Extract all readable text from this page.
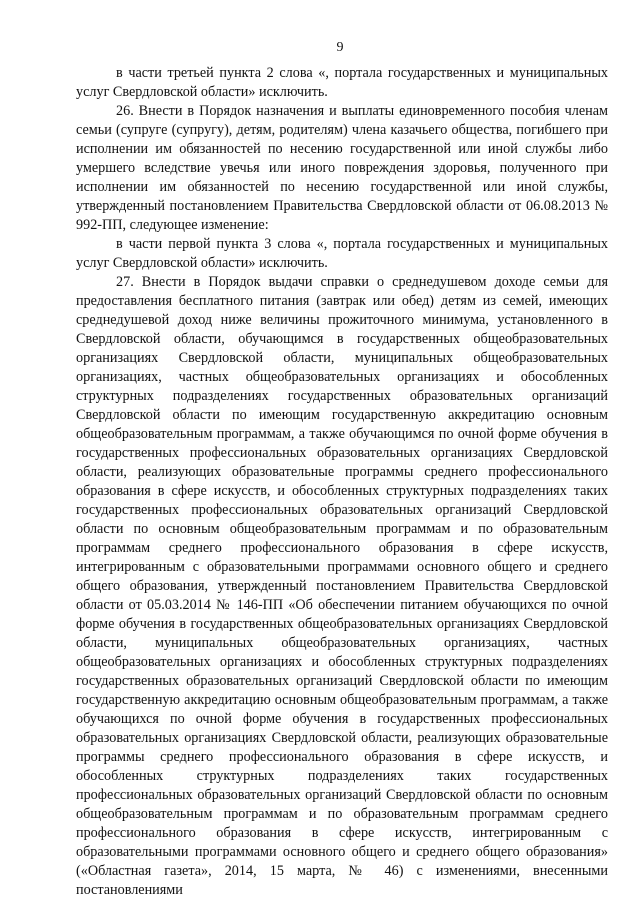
9

в части третьей пункта 2 слова «, портала государственных и муниципальных услуг Свердловской области» исключить.

26. Внести в Порядок назначения и выплаты единовременного пособия членам семьи (супруге (супругу), детям, родителям) члена казачьего общества, погибшего при исполнении им обязанностей по несению государственной или иной службы либо умершего вследствие увечья или иного повреждения здоровья, полученного при исполнении им обязанностей по несению государственной или иной службы, утвержденный постановлением Правительства Свердловской области от 06.08.2013 № 992-ПП, следующее изменение:

в части первой пункта 3 слова «, портала государственных и муниципальных услуг Свердловской области» исключить.

27. Внести в Порядок выдачи справки о среднедушевом доходе семьи для предоставления бесплатного питания (завтрак или обед) детям из семей, имеющих среднедушевой доход ниже величины прожиточного минимума, установленного в Свердловской области, обучающимся в государственных общеобразовательных организациях Свердловской области, муниципальных общеобразовательных организациях, частных общеобразовательных организациях и обособленных структурных подразделениях государственных образовательных организаций Свердловской области по имеющим государственную аккредитацию основным общеобразовательным программам, а также обучающимся по очной форме обучения в государственных профессиональных образовательных организациях Свердловской области, реализующих образовательные программы среднего профессионального образования в сфере искусств, и обособленных структурных подразделениях таких государственных профессиональных образовательных организаций Свердловской области по основным общеобразовательным программам и по образовательным программам среднего профессионального образования в сфере искусств, интегрированным с образовательными программами основного общего и среднего общего образования, утвержденный постановлением Правительства Свердловской области от 05.03.2014 № 146-ПП «Об обеспечении питанием обучающихся по очной форме обучения в государственных общеобразовательных организациях Свердловской области, муниципальных общеобразовательных организациях, частных общеобразовательных организациях и обособленных структурных подразделениях государственных образовательных организаций Свердловской области по имеющим государственную аккредитацию основным общеобразовательным программам, а также обучающихся по очной форме обучения в государственных профессиональных образовательных организациях Свердловской области, реализующих образовательные программы среднего профессионального образования в сфере искусств, и обособленных структурных подразделениях таких государственных профессиональных образовательных организаций Свердловской области по основным общеобразовательным программам и по образовательным программам среднего профессионального образования в сфере искусств, интегрированным с образовательными программами основного общего и среднего общего образования» («Областная газета», 2014, 15 марта, № 46) с изменениями, внесенными постановлениями
